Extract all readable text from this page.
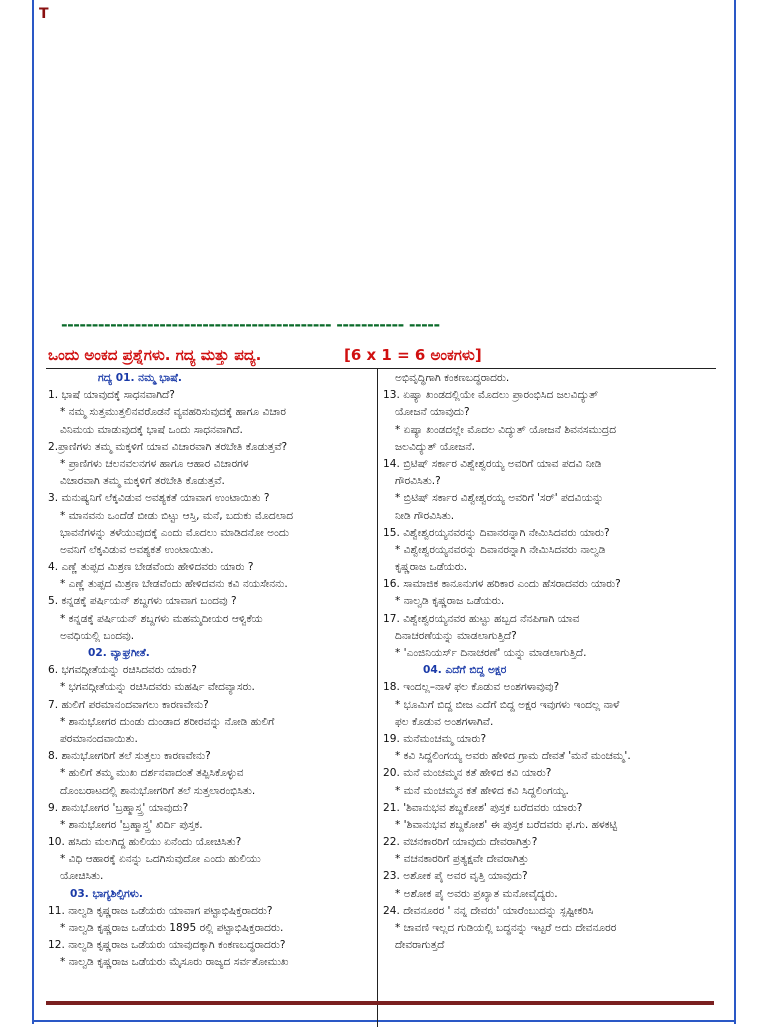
T
-------------------------------------------- ----------- -----
ಒಂದು ಅಂಕದ ಪ್ರಶ್ನೆಗಳು. ಗದ್ಯ ಮತ್ತು ಪದ್ಯ.	[6 x 1 = 6 ಅಂಕಗಳು]
ಗದ್ಯ 01. ನಮ್ಮ ಭಾಷೆ.
1. ಭಾಷೆ ಯಾವುದಕ್ಕೆ ಸಾಧನವಾಗಿದೆ?
* ನಮ್ಮ ಸುತ್ತಮುತ್ತಲಿನವರೊಡನೆ ವ್ಯವಹರಿಸುವುದಕ್ಕೆ ಹಾಗೂ ವಿಚಾರ
ವಿನಿಮಯ ಮಾಡುವುದಕ್ಕೆ ಭಾಷೆ ಒಂದು ಸಾಧನವಾಗಿದೆ.
2.ಪ್ರಾಣಿಗಳು ತಮ್ಮ ಮಕ್ಕಳಿಗೆ ಯಾವ ವಿಚಾರವಾಗಿ ತರಬೇತಿ ಕೊಡುತ್ತವೆ?
* ಪ್ರಾಣಿಗಳು ಚಲನವಲನಗಳ ಹಾಗೂ ಆಹಾರ ವಿಚಾರಗಳ
ವಿಚಾರವಾಗಿ ತಮ್ಮ ಮಕ್ಕಳಿಗೆ ತರಬೇತಿ ಕೊಡುತ್ತವೆ.
3. ಮನುಷ್ಯನಿಗೆ ಲೆಕ್ಕವಿಡುವ ಅವಶ್ಯಕತೆ ಯಾವಾಗ ಉಂಟಾಯಿತು ?
* ಮಾನವನು ಒಂದೆಡೆ ಬೀಡು ಬಿಟ್ಟು ಆಸ್ತಿ, ಮನೆ, ಬದುಕು ಮೊದಲಾದ
ಭಾವನೆಗಳನ್ನು ತಳೆಯುವುದಕ್ಕೆ ಎಂದು ಮೊದಲು ಮಾಡಿದನೋ ಅಂದು
ಅವನಿಗೆ ಲೆಕ್ಕವಿಡುವ ಅವಶ್ಯಕತೆ ಉಂಟಾಯಿತು.
4. ಎಣ್ಣೆ ತುಪ್ಪದ ಮಿಶ್ರಣ ಬೇಡವೆಂದು ಹೇಳಿದವರು ಯಾರು ?
* ಎಣ್ಣೆ ತುಪ್ಪದ ಮಿಶ್ರಣ ಬೇಡವೆಂದು ಹೇಳಿದವನು ಕವಿ ನಯಸೇನನು.
5. ಕನ್ನಡಕ್ಕೆ ಪರ್ಷಿಯನ್ ಶಬ್ದಗಳು ಯಾವಾಗ ಬಂದವು ?
* ಕನ್ನಡಕ್ಕೆ ಪರ್ಷಿಯನ್ ಶಬ್ದಗಳು ಮಹಮ್ಮದೀಯರ ಆಳ್ವಿಕೆಯ
ಅವಧಿಯಲ್ಲಿ ಬಂದವು.
02. ವ್ಯಾಘ್ರಗೀತೆ.
6. ಭಗವದ್ಗೀತೆಯನ್ನು ರಚಿಸಿದವರು ಯಾರು?
* ಭಗವದ್ಗೀತೆಯನ್ನು ರಚಿಸಿದವರು ಮಹರ್ಷಿ ವೇದವ್ಯಾಸರು.
7. ಹುಲಿಗೆ ಪರಮಾನಂದವಾಗಲು ಕಾರಣವೇನು?
* ಶಾನುಭೋಗರ ದುಂಡು ದುಂಡಾದ ಶರೀರವನ್ನು ನೋಡಿ ಹುಲಿಗೆ
ಪರಮಾನಂದವಾಯಿತು.
8. ಶಾನುಭೋಗರಿಗೆ ತಲೆ ಸುತ್ತಲು ಕಾರಣವೇನು?
* ಹುಲಿಗೆ ತಮ್ಮ ಮುಖ ದರ್ಶನವಾದಂತೆ ತಪ್ಪಿಸಿಕೊಳ್ಳುವ
ದೊಂಬರಾಟದಲ್ಲಿ ಶಾನುಭೋಗರಿಗೆ ತಲೆ ಸುತ್ತಲಾರಂಭಿಸಿತು.
9. ಶಾನುಭೋಗರ 'ಬ್ರಹ್ಮಾಸ್ತ್ರ' ಯಾವುದು?
* ಶಾನುಭೋಗರ 'ಬ್ರಹ್ಮಾಸ್ತ್ರ' ಖಿರ್ದಿ ಪುಸ್ತಕ.
10. ಹಸಿದು ಮಲಗಿದ್ದ ಹುಲಿಯು ಏನೆಂದು ಯೋಚಿಸಿತು?
* ವಿಧಿ ಆಹಾರಕ್ಕೆ ಏನನ್ನು ಒದಗಿಸುವುದೋ ಎಂದು ಹುಲಿಯು
ಯೋಚಿಸಿತು.
03. ಭಾಗ್ಯಶಿಲ್ಪಿಗಳು.
11. ನಾಲ್ವಡಿ ಕೃಷ್ಣರಾಜ ಒಡೆಯರು ಯಾವಾಗ ಪಟ್ಟಾಭಿಷಿಕ್ತರಾದರು?
* ನಾಲ್ವಡಿ ಕೃಷ್ಣರಾಜ ಒಡೆಯರು 1895 ರಲ್ಲಿ ಪಟ್ಟಾಭಿಷಿಕ್ತರಾದರು.
12. ನಾಲ್ವಡಿ ಕೃಷ್ಣರಾಜ ಒಡೆಯರು ಯಾವುದಕ್ಕಾಗಿ ಕಂಕಣಬದ್ಧರಾದರು?
* ನಾಲ್ವಡಿ ಕೃಷ್ಣರಾಜ ಒಡೆಯರು ಮೈಸೂರು ರಾಜ್ಯದ ಸರ್ವತೋಮುಖ
ಅಭಿವೃದ್ಧಿಗಾಗಿ ಕಂಕಣಬದ್ಧರಾದರು.
13. ಏಷ್ಯಾ ಖಂಡದಲ್ಲಿಯೇ ಮೊದಲು ಪ್ರಾರಂಭಿಸಿದ ಜಲವಿದ್ಯುತ್
ಯೋಜನೆ ಯಾವುದು?
* ಏಷ್ಯಾ ಖಂಡದಲ್ಲೇ ಮೊದಲ ವಿದ್ಯುತ್ ಯೋಜನೆ ಶಿವನಸಮುದ್ರದ
ಜಲವಿದ್ಯುತ್ ಯೋಜನೆ.
14. ಬ್ರಿಟಿಷ್ ಸರ್ಕಾರ ವಿಶ್ವೇಶ್ವರಯ್ಯ ಅವರಿಗೆ ಯಾವ ಪದವಿ ನೀಡಿ
ಗೌರವಿಸಿತು.?
* ಬ್ರಿಟಿಷ್ ಸರ್ಕಾರ ವಿಶ್ವೇಶ್ವರಯ್ಯ ಅವರಿಗೆ 'ಸರ್' ಪದವಿಯನ್ನು
ನೀಡಿ ಗೌರವಿಸಿತು.
15. ವಿಶ್ವೇಶ್ವರಯ್ಯನವರನ್ನು ದಿವಾನರನ್ನಾಗಿ ನೇಮಿಸಿದವರು ಯಾರು?
* ವಿಶ್ವೇಶ್ವರಯ್ಯನವರನ್ನು ದಿವಾನರನ್ನಾಗಿ ನೇಮಿಸಿದವರು ನಾಲ್ವಡಿ
ಕೃಷ್ಣರಾಜ ಒಡೆಯರು.
16. ಸಾಮಾಜಿಕ ಕಾನೂನುಗಳ ಹರಿಕಾರ ಎಂದು ಹೆಸರಾದವರು ಯಾರು?
* ನಾಲ್ವಡಿ ಕೃಷ್ಣರಾಜ ಒಡೆಯರು.
17. ವಿಶ್ವೇಶ್ವರಯ್ಯನವರ ಹುಟ್ಟು ಹಬ್ಬದ ನೆನಪಿಗಾಗಿ ಯಾವ
ದಿನಾಚರಣೆಯನ್ನು ಮಾಡಲಾಗುತ್ತಿದೆ?
* 'ಎಂಜಿನಿಯರ್ಸ್ ದಿನಾಚರಣೆ' ಯನ್ನು ಮಾಡಲಾಗುತ್ತಿದೆ.
04. ಎದೆಗೆ ಬಿದ್ದ ಅಕ್ಷರ
18. ಇಂದಲ್ಲ–ನಾಳೆ ಫಲ ಕೊಡುವ ಅಂಶಗಳಾವುವು?
* ಭೂಮಿಗೆ ಬಿದ್ದ ಬೀಜ ಎದೆಗೆ ಬಿದ್ದ ಅಕ್ಷರ ಇವುಗಳು ಇಂದಲ್ಲ ನಾಳೆ
ಫಲ ಕೊಡುವ ಅಂಶಗಳಾಗಿವೆ.
19. ಮನೆಮಂಚಮ್ಮ ಯಾರು?
* ಕವಿ ಸಿದ್ದಲಿಂಗಯ್ಯ ಅವರು ಹೇಳಿದ ಗ್ರಾಮ ದೇವತೆ 'ಮನೆ ಮಂಚಮ್ಮ'.
20. ಮನೆ ಮಂಚಮ್ಮನ ಕತೆ ಹೇಳಿದ ಕವಿ ಯಾರು?
* ಮನೆ ಮಂಚಮ್ಮನ ಕತೆ ಹೇಳಿದ ಕವಿ ಸಿದ್ದಲಿಂಗಯ್ಯ.
21. 'ಶಿವಾನುಭವ ಶಬ್ದಕೋಶ' ಪುಸ್ತಕ ಬರೆದವರು ಯಾರು?
* 'ಶಿವಾನುಭವ ಶಬ್ದಕೋಶ' ಈ ಪುಸ್ತಕ ಬರೆದವರು ಫ.ಗು. ಹಳಕಟ್ಟಿ
22. ವಚನಕಾರರಿಗೆ ಯಾವುದು ದೇವರಾಗಿತ್ತು?
* ವಚನಕಾರರಿಗೆ ಪ್ರತ್ಯಕ್ಷವೇ ದೇವರಾಗಿತ್ತು
23. ಅಶೋಕ ಪೈ ಅವರ ವೃತ್ತಿ ಯಾವುದು?
* ಅಶೋಕ ಪೈ ಅವರು ಪ್ರಖ್ಯಾತ ಮನೋವೈದ್ಯರು.
24. ದೇವನೂರರ ' ನನ್ನ ದೇವರು' ಯಾರೆಂಬುದನ್ನು ಸ್ಪಷ್ಟೀಕರಿಸಿ
* ಚಾವಣಿ ಇಲ್ಲದ ಗುಡಿಯಲ್ಲಿ ಬದ್ಧನನ್ನು ಇಟ್ಟರೆ ಅದು ದೇವನೂರರ
ದೇವರಾಗುತ್ತದೆ
